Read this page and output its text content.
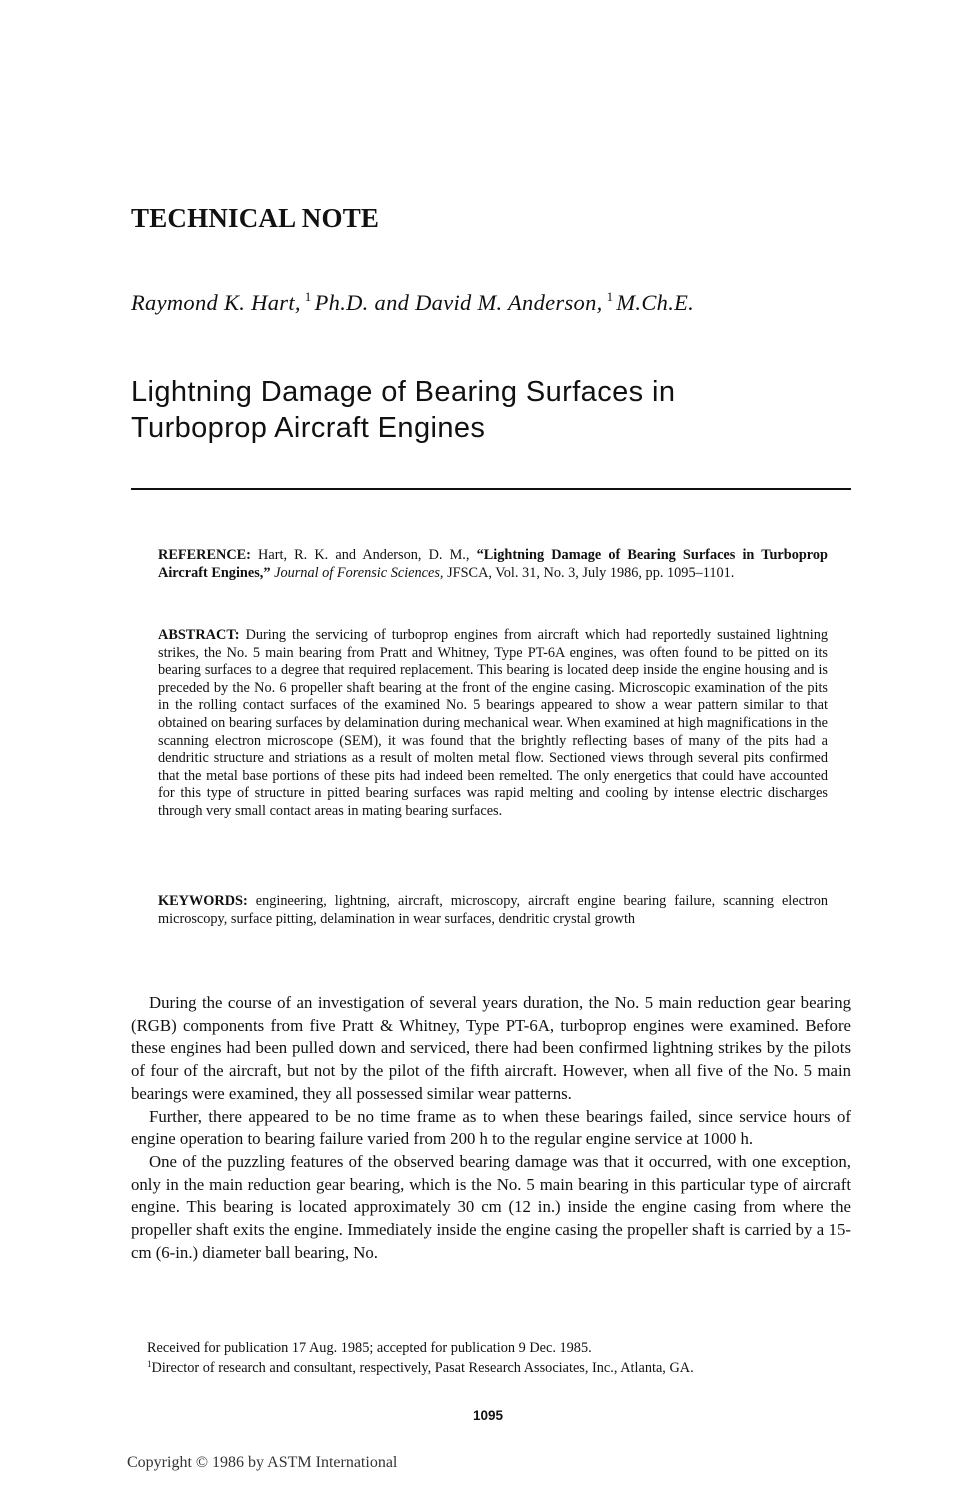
TECHNICAL NOTE
Raymond K. Hart, $^1$ Ph.D. and David M. Anderson, $^1$ M.Ch.E.
Lightning Damage of Bearing Surfaces in
Turboprop Aircraft Engines
REFERENCE: Hart, R. K. and Anderson, D. M., “Lightning Damage of Bearing Surfaces in Turboprop Aircraft Engines,” Journal of Forensic Sciences, JFSCA, Vol. 31, No. 3, July 1986, pp. 1095–1101.
ABSTRACT: During the servicing of turboprop engines from aircraft which had reportedly sustained lightning strikes, the No. 5 main bearing from Pratt and Whitney, Type PT-6A engines, was often found to be pitted on its bearing surfaces to a degree that required replacement. This bearing is located deep inside the engine housing and is preceded by the No. 6 propeller shaft bearing at the front of the engine casing. Microscopic examination of the pits in the rolling contact surfaces of the examined No. 5 bearings appeared to show a wear pattern similar to that obtained on bearing surfaces by delamination during mechanical wear. When examined at high magnifications in the scanning electron microscope (SEM), it was found that the brightly reflecting bases of many of the pits had a dendritic structure and striations as a result of molten metal flow. Sectioned views through several pits confirmed that the metal base portions of these pits had indeed been remelted. The only energetics that could have accounted for this type of structure in pitted bearing surfaces was rapid melting and cooling by intense electric discharges through very small contact areas in mating bearing surfaces.
KEYWORDS: engineering, lightning, aircraft, microscopy, aircraft engine bearing failure, scanning electron microscopy, surface pitting, delamination in wear surfaces, dendritic crystal growth

During the course of an investigation of several years duration, the No. 5 main reduction gear bearing (RGB) components from five Pratt & Whitney, Type PT-6A, turboprop engines were examined. Before these engines had been pulled down and serviced, there had been confirmed lightning strikes by the pilots of four of the aircraft, but not by the pilot of the fifth aircraft. However, when all five of the No. 5 main bearings were examined, they all possessed similar wear patterns.

Further, there appeared to be no time frame as to when these bearings failed, since service hours of engine operation to bearing failure varied from 200 h to the regular engine service at 1000 h.

One of the puzzling features of the observed bearing damage was that it occurred, with one exception, only in the main reduction gear bearing, which is the No. 5 main bearing in this particular type of aircraft engine. This bearing is located approximately 30 cm (12 in.) inside the engine casing from where the propeller shaft exits the engine. Immediately inside the engine casing the propeller shaft is carried by a 15-cm (6-in.) diameter ball bearing, No.

Received for publication 17 Aug. 1985; accepted for publication 9 Dec. 1985.
$^1$Director of research and consultant, respectively, Pasat Research Associates, Inc., Atlanta, GA.
1095
Copyright © 1986 by ASTM International
